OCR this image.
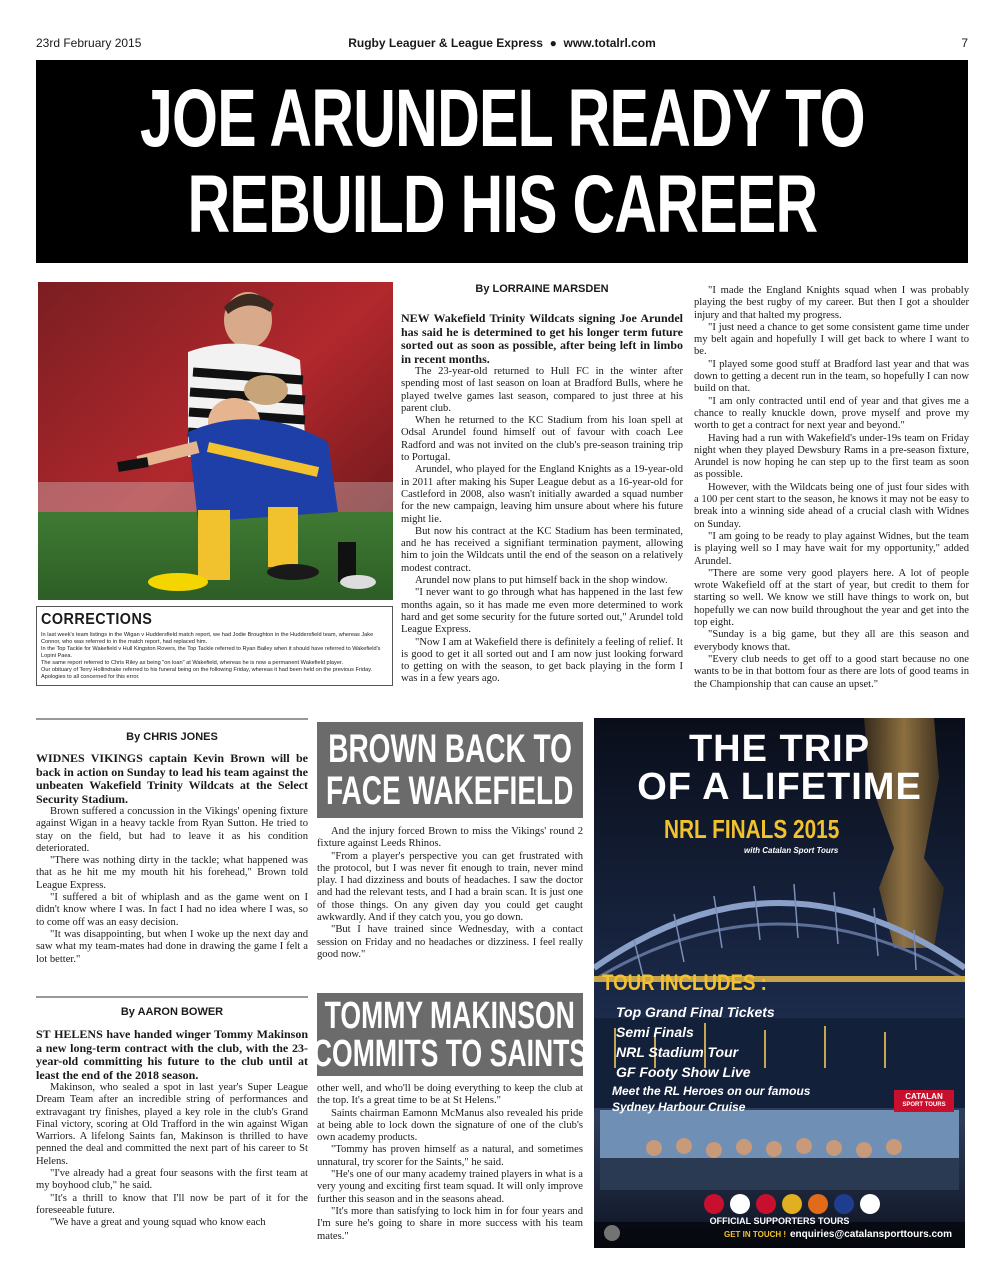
23rd February 2015	Rugby Leaguer & League Express ● www.totalrl.com	7
JOE ARUNDEL READY TO
REBUILD HIS CAREER
CORRECTIONS

In last week's team listings in the Wigan v Huddersfield match report, we had Jodie Broughton in the Huddersfield team, whereas Jake Connor, who was referred to in the match report, had replaced him.

In the Top Tackle for Wakefield v Hull Kingston Rovers, the Top Tackle referred to Ryan Bailey when it should have referred to Wakefield's Lopini Paea.

The same report referred to Chris Riley as being "on loan" at Wakefield, whereas he is now a permanent Wakefield player.

Our obituary of Terry Hollindrake referred to his funeral being on the following Friday, whereas it had been held on the previous Friday. Apologies to all concerned for this error.

By LORRAINE MARSDEN

NEW Wakefield Trinity Wildcats signing Joe Arundel has said he is determined to get his longer term future sorted out as soon as possible, after being left in limbo in recent months.

The 23-year-old returned to Hull FC in the winter after spending most of last season on loan at Bradford Bulls, where he played twelve games last season, compared to just three at his parent club.

When he returned to the KC Stadium from his loan spell at Odsal Arundel found himself out of favour with coach Lee Radford and was not invited on the club's pre-season training trip to Portugal.

Arundel, who played for the England Knights as a 19-year-old in 2011 after making his Super League debut as a 16-year-old for Castleford in 2008, also wasn't initially awarded a squad number for the new campaign, leaving him unsure about where his future might lie.

But now his contract at the KC Stadium has been terminated, and he has received a signifiant termination payment, allowing him to join the Wildcats until the end of the season on a relatively modest contract.

Arundel now plans to put himself back in the shop window.

"I never want to go through what has happened in the last few months again, so it has made me even more determined to work hard and get some security for the future sorted out," Arundel told League Express.

"Now I am at Wakefield there is definitely a feeling of relief. It is good to get it all sorted out and I am now just looking forward to getting on with the season, to get back playing in the form I was in a few years ago.

"I made the England Knights squad when I was probably playing the best rugby of my career. But then I got a shoulder injury and that halted my progress.

"I just need a chance to get some consistent game time under my belt again and hopefully I will get back to where I want to be.

"I played some good stuff at Bradford last year and that was down to getting a decent run in the team, so hopefully I can now build on that.

"I am only contracted until end of year and that gives me a chance to really knuckle down, prove myself and prove my worth to get a contract for next year and beyond."

Having had a run with Wakefield's under-19s team on Friday night when they played Dewsbury Rams in a pre-season fixture, Arundel is now hoping he can step up to the first team as soon as possible.

However, with the Wildcats being one of just four sides with a 100 per cent start to the season, he knows it may not be easy to break into a winning side ahead of a crucial clash with Widnes on Sunday.

"I am going to be ready to play against Widnes, but the team is playing well so I may have wait for my opportunity," added Arundel.

"There are some very good players here. A lot of people wrote Wakefield off at the start of year, but credit to them for starting so well. We know we still have things to work on, but hopefully we can now build throughout the year and get into the top eight.

"Sunday is a big game, but they all are this season and everybody knows that.

"Every club needs to get off to a good start because no one wants to be in that bottom four as there are lots of good teams in the Championship that can cause an upset."

By CHRIS JONES	BROWN BACK TO
FACE WAKEFIELD

WIDNES VIKINGS captain Kevin Brown will be back in action on Sunday to lead his team against the unbeaten Wakefield Trinity Wildcats at the Select Security Stadium.

Brown suffered a concussion in the Vikings' opening fixture against Wigan in a heavy tackle from Ryan Sutton. He tried to stay on the field, but had to leave it as his condition deteriorated.

"There was nothing dirty in the tackle; what happened was that as he hit me my mouth hit his forehead," Brown told League Express.

"I suffered a bit of whiplash and as the game went on I didn't know where I was. In fact I had no idea where I was, so to come off was an easy decision.

"It was disappointing, but when I woke up the next day and saw what my team-mates had done in drawing the game I felt a lot better."

And the injury forced Brown to miss the Vikings' round 2 fixture against Leeds Rhinos.

"From a player's perspective you can get frustrated with the protocol, but I was never fit enough to train, never mind play. I had dizziness and bouts of headaches. I saw the doctor and had the relevant tests, and I had a brain scan. It is just one of those things. On any given day you could get caught awkwardly. And if they catch you, you go down.

"But I have trained since Wednesday, with a contact session on Friday and no headaches or dizziness. I feel really good now."

By AARON BOWER	TOMMY MAKINSON
COMMITS TO SAINTS

ST HELENS have handed winger Tommy Makinson a new long-term contract with the club, with the 23-year-old committing his future to the club until at least the end of the 2018 season.

Makinson, who sealed a spot in last year's Super League Dream Team after an incredible string of performances and extravagant try finishes, played a key role in the club's Grand Final victory, scoring at Old Trafford in the win against Wigan Warriors. A lifelong Saints fan, Makinson is thrilled to have penned the deal and committed the next part of his career to St Helens.

"I've already had a great four seasons with the first team at my boyhood club," he said.

"It's a thrill to know that I'll now be part of it for the foreseeable future.

"We have a great and young squad who know each

other well, and who'll be doing everything to keep the club at the top. It's a great time to be at St Helens."

Saints chairman Eamonn McManus also revealed his pride at being able to lock down the signature of one of the club's own academy products.

"Tommy has proven himself as a natural, and sometimes unnatural, try scorer for the Saints," he said.

"He's one of our many academy trained players in what is a very young and exciting first team squad. It will only improve further this season and in the seasons ahead.

"It's more than satisfying to lock him in for four years and I'm sure he's going to share in more success with his team mates."

THE TRIP
OF A LIFETIME
NRL FINALS 2015
with Catalan Sport Tours
TOUR INCLUDES :
Top Grand Final Tickets
Semi Finals
NRL Stadium Tour
GF Footy Show Live
Meet the RL Heroes on our famous
Sydney Harbour Cruise
CATALAN
SPORT TOURS
OFFICIAL SUPPORTERS TOURS
GET IN TOUCH ! enquiries@catalansporttours.com
